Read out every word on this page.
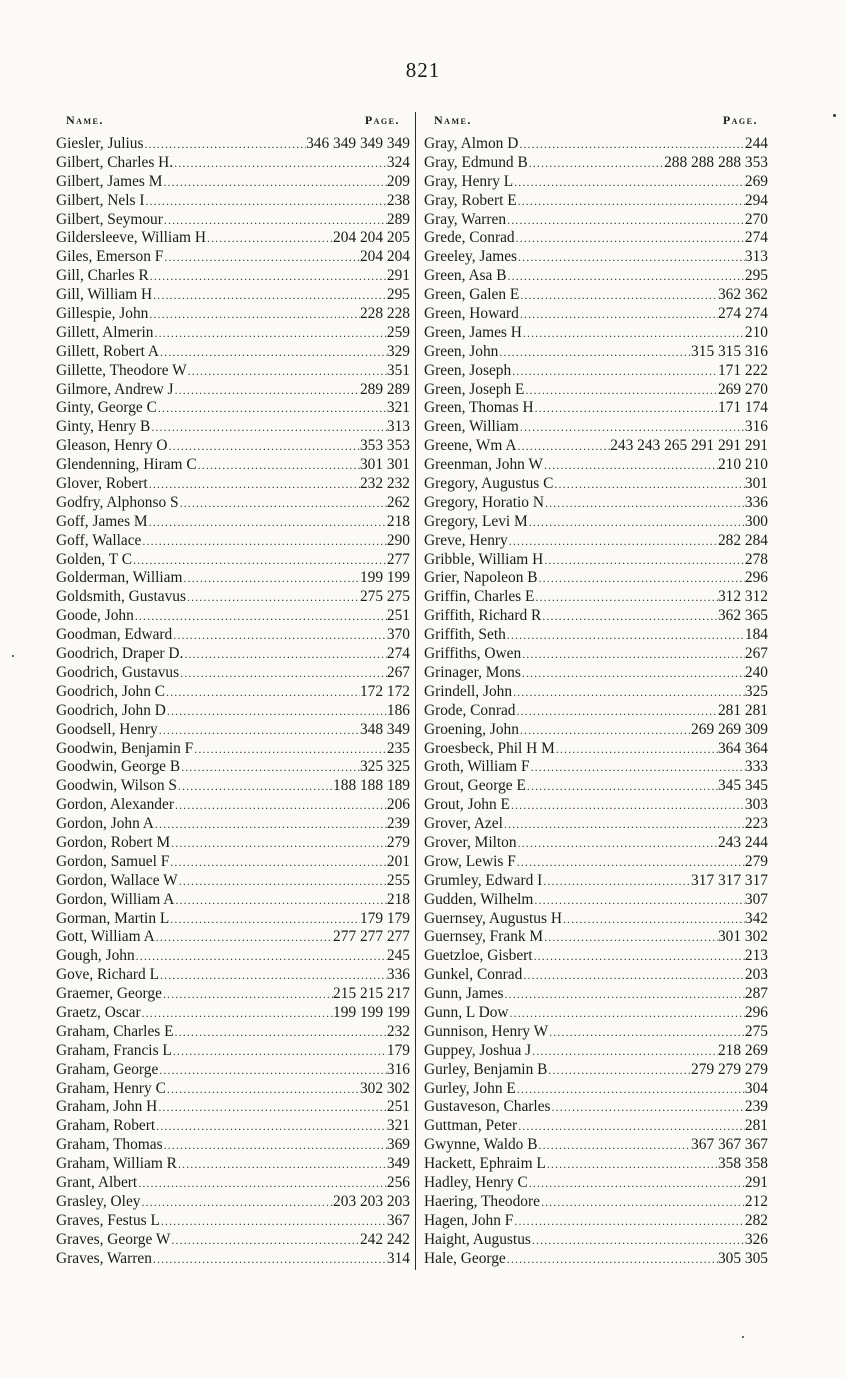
821
Name.	Page.
Giesler, Julius .....	346 349 349 349
Gilbert, Charles H. .....	324
Gilbert, James M .....	209
Gilbert, Nels I .....	238
Gilbert, Seymour .....	289
Gildersleeve, William H .....	204 204 205
Giles, Emerson F .....	204 204
Gill, Charles R .....	291
Gill, William H .....	295
Gillespie, John .....	228 228
Gillett, Almerin .....	259
Gillett, Robert A .....	329
Gillette, Theodore W .....	351
Gilmore, Andrew J .....	289 289
Ginty, George C .....	321
Ginty, Henry B .....	313
Gleason, Henry O .....	353 353
Glendenning, Hiram C .....	301 301
Glover, Robert .....	232 232
Godfry, Alphonso S .....	262
Goff, James M .....	218
Goff, Wallace .....	290
Golden, T C .....	277
Golderman, William .....	199 199
Goldsmith, Gustavus .....	275 275
Goode, John .....	251
Goodman, Edward .....	370
Goodrich, Draper D. .....	274
Goodrich, Gustavus .....	267
Goodrich, John C .....	172 172
Goodrich, John D .....	186
Goodsell, Henry .....	348 349
Goodwin, Benjamin F .....	235
Goodwin, George B .....	325 325
Goodwin, Wilson S .....	188 188 189
Gordon, Alexander .....	206
Gordon, John A .....	239
Gordon, Robert M .....	279
Gordon, Samuel F .....	201
Gordon, Wallace W .....	255
Gordon, William A .....	218
Gorman, Martin L .....	179 179
Gott, William A .....	277 277 277
Gough, John .....	245
Gove, Richard L .....	336
Graemer, George .....	215 215 217
Graetz, Oscar .....	199 199 199
Graham, Charles E .....	232
Graham, Francis L .....	179
Graham, George .....	316
Graham, Henry C .....	302 302
Graham, John H .....	251
Graham, Robert .....	321
Graham, Thomas .....	369
Graham, William R .....	349
Grant, Albert .....	256
Grasley, Oley .....	203 203 203
Graves, Festus L .....	367
Graves, George W .....	242 242
Graves, Warren .....	314
Name.	Page.
Gray, Almon D .....	244
Gray, Edmund B .....	288 288 288 353
Gray, Henry L .....	269
Gray, Robert E .....	294
Gray, Warren .....	270
Grede, Conrad .....	274
Greeley, James .....	313
Green, Asa B .....	295
Green, Galen E .....	362 362
Green, Howard .....	274 274
Green, James H .....	210
Green, John .....	315 315 316
Green, Joseph .....	171 222
Green, Joseph E .....	269 270
Green, Thomas H .....	171 174
Green, William .....	316
Greene, Wm A .....	243 243 265 291 291 291
Greenman, John W .....	210 210
Gregory, Augustus C .....	301
Gregory, Horatio N .....	336
Gregory, Levi M .....	300
Greve, Henry .....	282 284
Gribble, William H .....	278
Grier, Napoleon B .....	296
Griffin, Charles E .....	312 312
Griffith, Richard R .....	362 365
Griffith, Seth .....	184
Griffiths, Owen .....	267
Grinager, Mons .....	240
Grindell, John .....	325
Grode, Conrad .....	281 281
Groening, John .....	269 269 309
Groesbeck, Phil H M .....	364 364
Groth, William F .....	333
Grout, George E .....	345 345
Grout, John E .....	303
Grover, Azel .....	223
Grover, Milton .....	243 244
Grow, Lewis F .....	279
Grumley, Edward I .....	317 317 317
Gudden, Wilhelm .....	307
Guernsey, Augustus H .....	342
Guernsey, Frank M .....	301 302
Guetzloe, Gisbert .....	213
Gunkel, Conrad .....	203
Gunn, James .....	287
Gunn, L Dow .....	296
Gunnison, Henry W .....	275
Guppey, Joshua J .....	218 269
Gurley, Benjamin B .....	279 279 279
Gurley, John E .....	304
Gustaveson, Charles .....	239
Guttman, Peter .....	281
Gwynne, Waldo B .....	367 367 367
Hackett, Ephraim L .....	358 358
Hadley, Henry C .....	291
Haering, Theodore .....	212
Hagen, John F .....	282
Haight, Augustus .....	326
Hale, George .....	305 305
